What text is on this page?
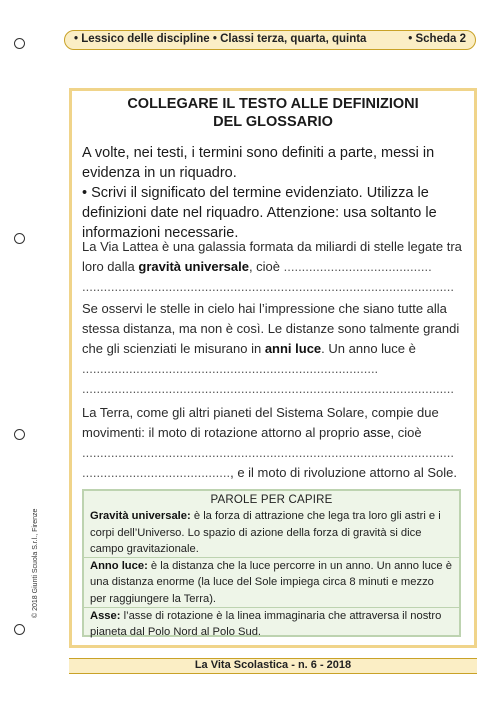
• Lessico delle discipline • Classi terza, quarta, quinta	• Scheda 2
COLLEGARE IL TESTO ALLE DEFINIZIONI
DEL GLOSSARIO

A volte, nei testi, i termini sono definiti a parte, messi in evidenza in un riquadro.

• Scrivi il significato del termine evidenziato. Utilizza le definizioni date nel riquadro. Attenzione: usa soltanto le informazioni necessarie.

La Via Lattea è una galassia formata da miliardi di stelle legate tra loro dalla gravità universale, cioè .........................................
.......................................................................................................
Se osservi le stelle in cielo hai l’impressione che siano tutte alla stessa distanza, ma non è così. Le distanze sono talmente grandi che gli scienziati le misurano in anni luce. Un anno luce è ..................................................................................
.......................................................................................................
La Terra, come gli altri pianeti del Sistema Solare, compie due movimenti: il moto di rotazione attorno al proprio asse, cioè
.......................................................................................................
........................................., e il moto di rivoluzione attorno al Sole.
PAROLE PER CAPIRE
Gravità universale: è la forza di attrazione che lega tra loro gli astri e i corpi dell’Universo. Lo spazio di azione della forza di gravità si dice campo gravitazionale.
Anno luce: è la distanza che la luce percorre in un anno. Un anno luce è una distanza enorme (la luce del Sole impiega circa 8 minuti e mezzo per raggiungere la Terra).
Asse: l’asse di rotazione è la linea immaginaria che attraversa il nostro pianeta dal Polo Nord al Polo Sud.
© 2018 Giunti Scuola S.r.l., Firenze
La Vita Scolastica - n. 6 - 2018
